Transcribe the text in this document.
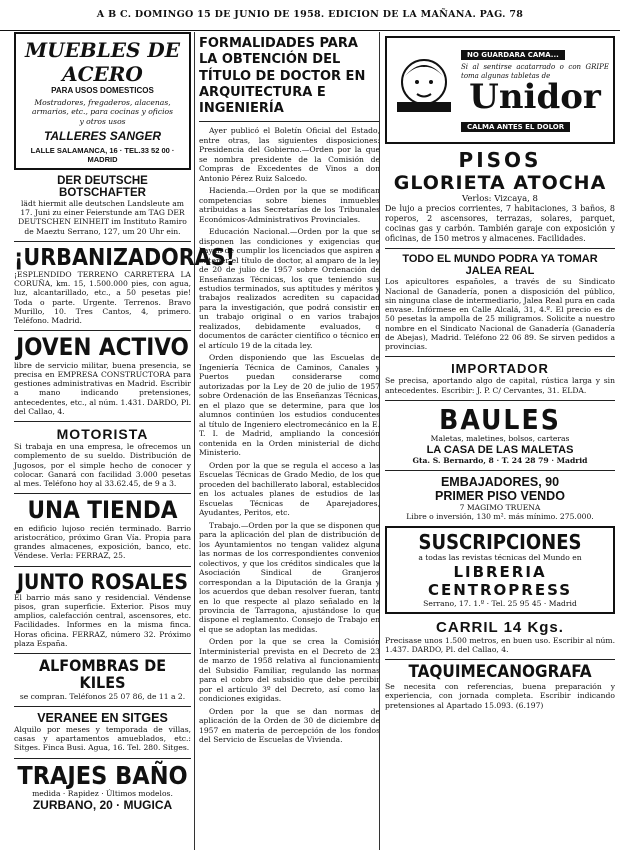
A B C. DOMINGO 15 DE JUNIO DE 1958. EDICION DE LA MAÑANA. PAG. 78
MUEBLES DE ACERO
PARA USOS DOMESTICOS
Mostradores, fregaderos, alacenas, armarios, etc., para cocinas y oficios y otros usos
TALLERES SANGER
LALLE SALAMANCA, 16 · TEL.33 52 00 · MADRID
DER DEUTSCHE BOTSCHAFTER
lädt hiermit alle deutschen Landsleute am 17. Juni zu einer Feierstunde am TAG DER DEUTSCHEN EINHEIT im Instituto Ramiro de Maeztu Serrano, 127, um 20 Uhr ein.
¡URBANIZADORAS!
¡ESPLENDIDO TERRENO CARRETERA LA CORUÑA, km. 15, 1.500.000 pies, con agua, luz, alcantarillado, etc., a 50 pesetas pie! Toda o parte. Urgente. Terrenos. Bravo Murillo, 10. Tres Cantos, 4, primero. Teléfono. Madrid.
JOVEN ACTIVO
libre de servicio militar, buena presencia, se precisa en EMPRESA CONSTRUCTORA para gestiones administrativas en Madrid. Escribir a mano indicando pretensiones, antecedentes, etc., al núm. 1.431. DARDO, Pl. del Callao, 4.
MOTORISTA
Si trabaja en una empresa, le ofrecemos un complemento de su sueldo. Distribución de Jugosos, por el simple hecho de conocer y colocar. Ganará con facilidad 3.000 pesetas al mes. Teléfono hoy al 33.62.45, de 9 a 3.
UNA TIENDA
en edificio lujoso recién terminado. Barrio aristocrático, próximo Gran Vía. Propia para grandes almacenes, exposición, banco, etc. Véndese. Verla: FERRAZ, 25.
JUNTO ROSALES
El barrio más sano y residencial. Véndense pisos, gran superficie. Exterior. Pisos muy amplios, calefacción central, ascensores, etc. Facilidades. Informes en la misma finca. Horas oficina. FERRAZ, número 32. Próximo plaza España.
ALFOMBRAS DE KILES
se compran. Teléfonos 25 07 86, de 11 a 2.
VERANEE EN SITGES
Alquilo por meses y temporada de villas, casas y apartamentos amueblados, etc.: Sitges. Finca Busi. Agua, 16. Tel. 280. Sitges.
TRAJES BAÑO
medida · Rapidez · Últimos modelos.
ZURBANO, 20 · MUGICA
FORMALIDADES PARA LA OBTENCIÓN DEL TÍTULO DE DOCTOR EN ARQUITECTURA E INGENIERÍA

Ayer publicó el Boletín Oficial del Estado, entre otras, las siguientes disposiciones: Presidencia del Gobierno.—Orden por la que se nombra presidente de la Comisión de Compras de Excedentes de Vinos a don Antonio Pérez Ruiz Salcedo.

Hacienda.—Orden por la que se modifican competencias sobre bienes inmuebles atribuidas a las Secretarías de los Tribunales Económicos-Administrativos Provinciales.

Educación Nacional.—Orden por la que se disponen las condiciones y exigencias que hayan de cumplir los licenciados que aspiren a obtener el título de doctor, al amparo de la ley de 20 de julio de 1957 sobre Ordenación de Enseñanzas Técnicas, los que teniendo sus estudios terminados, sus aptitudes y méritos y trabajos realizados acrediten su capacidad para la investigación, que podrá consistir en un trabajo original o en varios trabajos realizados, debidamente evaluados, o documentos de carácter científico o técnico en el artículo 19 de la citada ley.

Orden disponiendo que las Escuelas de Ingeniería Técnica de Caminos, Canales y Puertos puedan considerarse como autorizadas por la Ley de 20 de julio de 1957 sobre Ordenación de las Enseñanzas Técnicas, en el plazo que se determine, para que los alumnos continúen los estudios conducentes al título de Ingeniero electromecánico en la E. T. I. de Madrid, ampliando la concesión contenida en la Orden ministerial de dicho Ministerio.

Orden por la que se regula el acceso a las Escuelas Técnicas de Grado Medio, de los que proceden del bachillerato laboral, establecidos en los actuales planes de estudios de las Escuelas Técnicas de Aparejadores, Ayudantes, Peritos, etc.

Trabajo.—Orden por la que se disponen que para la aplicación del plan de distribución de los Ayuntamientos no tengan validez alguna las normas de los correspondientes convenios colectivos, y que los créditos sindicales que la Asociación Sindical de Granjeros correspondan a la Diputación de la Granja y los acuerdos que deban resolver fueran, tanto en lo que respecte al plazo señalado en la provincia de Tarragona, ajustándose lo que dispone el reglamento. Consejo de Trabajo en el que se adoptan las medidas.

Orden por la que se crea la Comisión Interministerial prevista en el Decreto de 23 de marzo de 1958 relativa al funcionamiento del Subsidio Familiar, regulando las normas para el cobro del subsidio que debe percibir por el artículo 3º del Decreto, así como las condiciones exigidas.

Orden por la que se dan normas de aplicación de la Orden de 30 de diciembre de 1957 en materia de percepción de los fondos del Servicio de Escuelas de Vivienda.

NO GUARDARA CAMA...
Si al sentirse acatarrado o con GRIPE toma algunas tabletas de
Unidor
CALMA ANTES EL DOLOR
PISOS
GLORIETA ATOCHA
Verlos: Vizcaya, 8
De lujo a precios corrientes, 7 habitaciones, 3 baños, 8 roperos, 2 ascensores, terrazas, solares, parquet, cocinas gas y carbón. También garaje con exposición y oficinas, de 150 metros y almacenes. Facilidades.
TODO EL MUNDO PODRA YA TOMAR JALEA REAL
Los apicultores españoles, a través de su Sindicato Nacional de Ganadería, ponen a disposición del público, sin ninguna clase de intermediario, Jalea Real pura en cada envase. Infórmese en Calle Alcalá, 31, 4.º. El precio es de 50 pesetas la ampolla de 25 miligramos. Solicite a nuestro nombre en el Sindicato Nacional de Ganadería (Ganadería de Abejas), Madrid. Teléfono 22 06 89. Se sirven pedidos a provincias.
IMPORTADOR
Se precisa, aportando algo de capital, rústica larga y sin antecedentes. Escribir: J. P. C/ Cervantes, 31. ELDA.
BAULES
Maletas, maletines, bolsos, carteras
LA CASA DE LAS MALETAS
Gta. S. Bernardo, 8 · T. 24 28 79 · Madrid
EMBAJADORES, 90
PRIMER PISO VENDO
7 MAGIMO TRUENA
Libre o inversión, 130 m². más mínimo. 275.000.
SUSCRIPCIONES
a todas las revistas técnicas del Mundo en
LIBRERIA
CENTROPRESS
Serrano, 17. 1.º · Tel. 25 95 45 · Madrid
CARRIL 14 Kgs.
Precisase unos 1.500 metros, en buen uso. Escribir al núm. 1.437. DARDO, Pl. del Callao, 4.
TAQUIMECANOGRAFA
Se necesita con referencias, buena preparación y experiencia, con jornada completa. Escribir indicando pretensiones al Apartado 15.093. (6.197)
